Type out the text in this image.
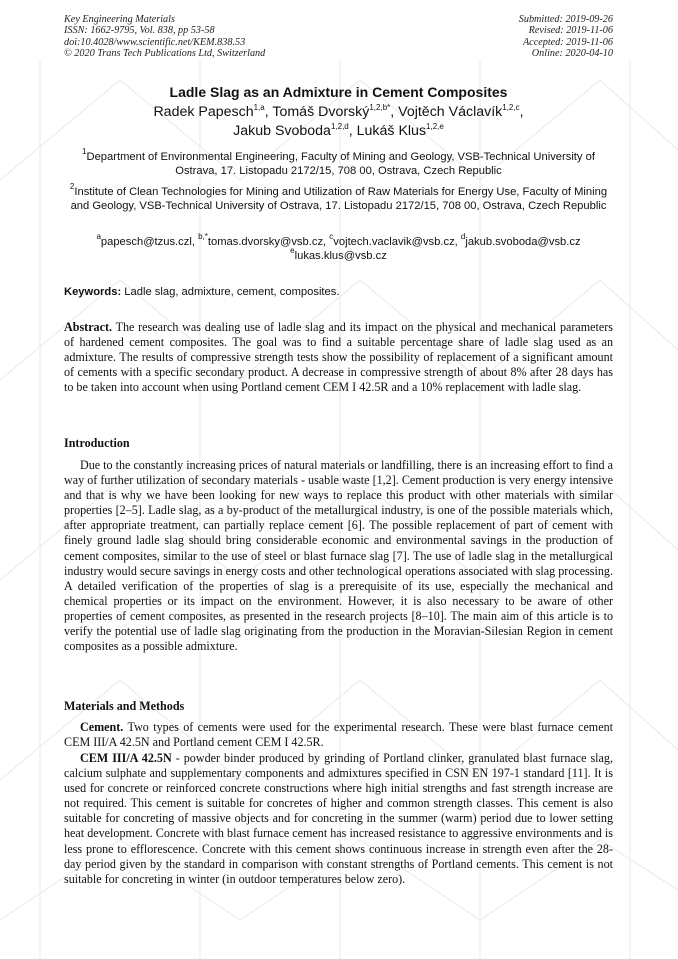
Key Engineering Materials
ISSN: 1662-9795, Vol. 838, pp 53-58
doi:10.4028/www.scientific.net/KEM.838.53
© 2020 Trans Tech Publications Ltd, Switzerland
Submitted: 2019-09-26
Revised: 2019-11-06
Accepted: 2019-11-06
Online: 2020-04-10
Ladle Slag as an Admixture in Cement Composites
Radek Papesch$^{1,a}$, Tomáš Dvorský$^{1,2,b*}$, Vojtěch Václavík$^{1,2,c}$,
Jakub Svoboda$^{1,2,d}$, Lukáš Klus$^{1,2,e}$
$^1$Department of Environmental Engineering, Faculty of Mining and Geology, VSB-Technical University of Ostrava, 17. Listopadu 2172/15, 708 00, Ostrava, Czech Republic
$^2$Institute of Clean Technologies for Mining and Utilization of Raw Materials for Energy Use, Faculty of Mining and Geology, VSB-Technical University of Ostrava, 17. Listopadu 2172/15, 708 00, Ostrava, Czech Republic
$^a$papesch@tzus.czl, $^{b,*}$tomas.dvorsky@vsb.cz, $^c$vojtech.vaclavik@vsb.cz, $^d$jakub.svoboda@vsb.cz
$^e$lukas.klus@vsb.cz
Keywords: Ladle slag, admixture, cement, composites.

Abstract. The research was dealing use of ladle slag and its impact on the physical and mechanical parameters of hardened cement composites. The goal was to find a suitable percentage share of ladle slag used as an admixture. The results of compressive strength tests show the possibility of replacement of a significant amount of cements with a specific secondary product. A decrease in compressive strength of about 8% after 28 days has to be taken into account when using Portland cement CEM I 42.5R and a 10% replacement with ladle slag.

Introduction

Due to the constantly increasing prices of natural materials or landfilling, there is an increasing effort to find a way of further utilization of secondary materials - usable waste [1,2]. Cement production is very energy intensive and that is why we have been looking for new ways to replace this product with other materials with similar properties [2–5]. Ladle slag, as a by-product of the metallurgical industry, is one of the possible materials which, after appropriate treatment, can partially replace cement [6]. The possible replacement of part of cement with finely ground ladle slag should bring considerable economic and environmental savings in the production of cement composites, similar to the use of steel or blast furnace slag [7]. The use of ladle slag in the metallurgical industry would secure savings in energy costs and other technological operations associated with slag processing. A detailed verification of the properties of slag is a prerequisite of its use, especially the mechanical and chemical properties or its impact on the environment. However, it is also necessary to be aware of other properties of cement composites, as presented in the research projects [8–10]. The main aim of this article is to verify the potential use of ladle slag originating from the production in the Moravian-Silesian Region in cement composites as a possible admixture.

Materials and Methods

Cement. Two types of cements were used for the experimental research. These were blast furnace cement CEM III/A 42.5N and Portland cement CEM I 42.5R.

CEM III/A 42.5N - powder binder produced by grinding of Portland clinker, granulated blast furnace slag, calcium sulphate and supplementary components and admixtures specified in CSN EN 197-1 standard [11]. It is used for concrete or reinforced concrete constructions where high initial strengths and fast strength increase are not required. This cement is suitable for concretes of higher and common strength classes. This cement is also suitable for concreting of massive objects and for concreting in the summer (warm) period due to lower setting heat development. Concrete with blast furnace cement has increased resistance to aggressive environments and is less prone to efflorescence. Concrete with this cement shows continuous increase in strength even after the 28-day period given by the standard in comparison with constant strengths of Portland cements. This cement is not suitable for concreting in winter (in outdoor temperatures below zero).
